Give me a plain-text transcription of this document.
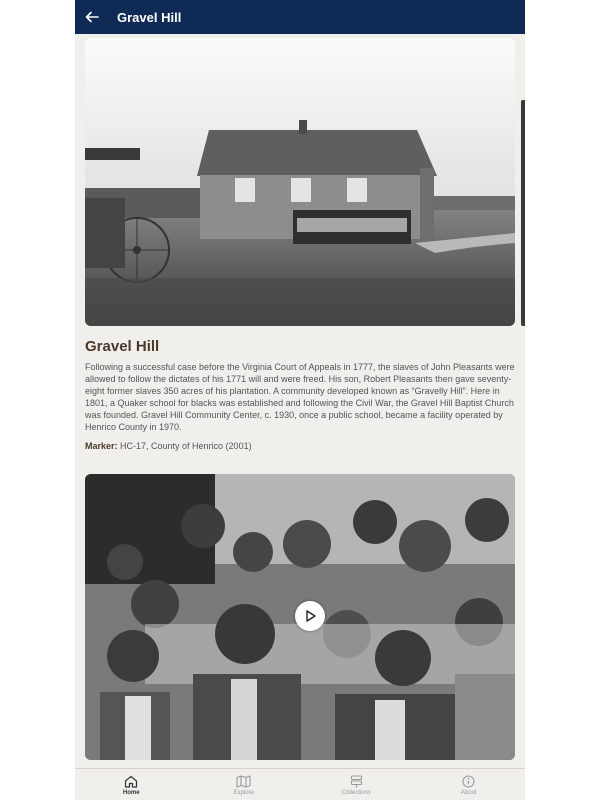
Gravel Hill
Gravel Hill

Following a successful case before the Virginia Court of Appeals in 1777, the slaves of John Pleasants were allowed to follow the dictates of his 1771 will and were freed. His son, Robert Pleasants then gave seventy-eight former slaves 350 acres of his plantation. A community developed known as “Gravelly Hill”. Here in 1801, a Quaker school for blacks was established and following the Civil War, the Gravel Hill Baptist Church was founded. Gravel Hill Community Center, c. 1930, once a public school, became a facility operated by Henrico County in 1970.

Marker: HC-17, County of Henrico (2001)
Home	Explore	Collections	About
